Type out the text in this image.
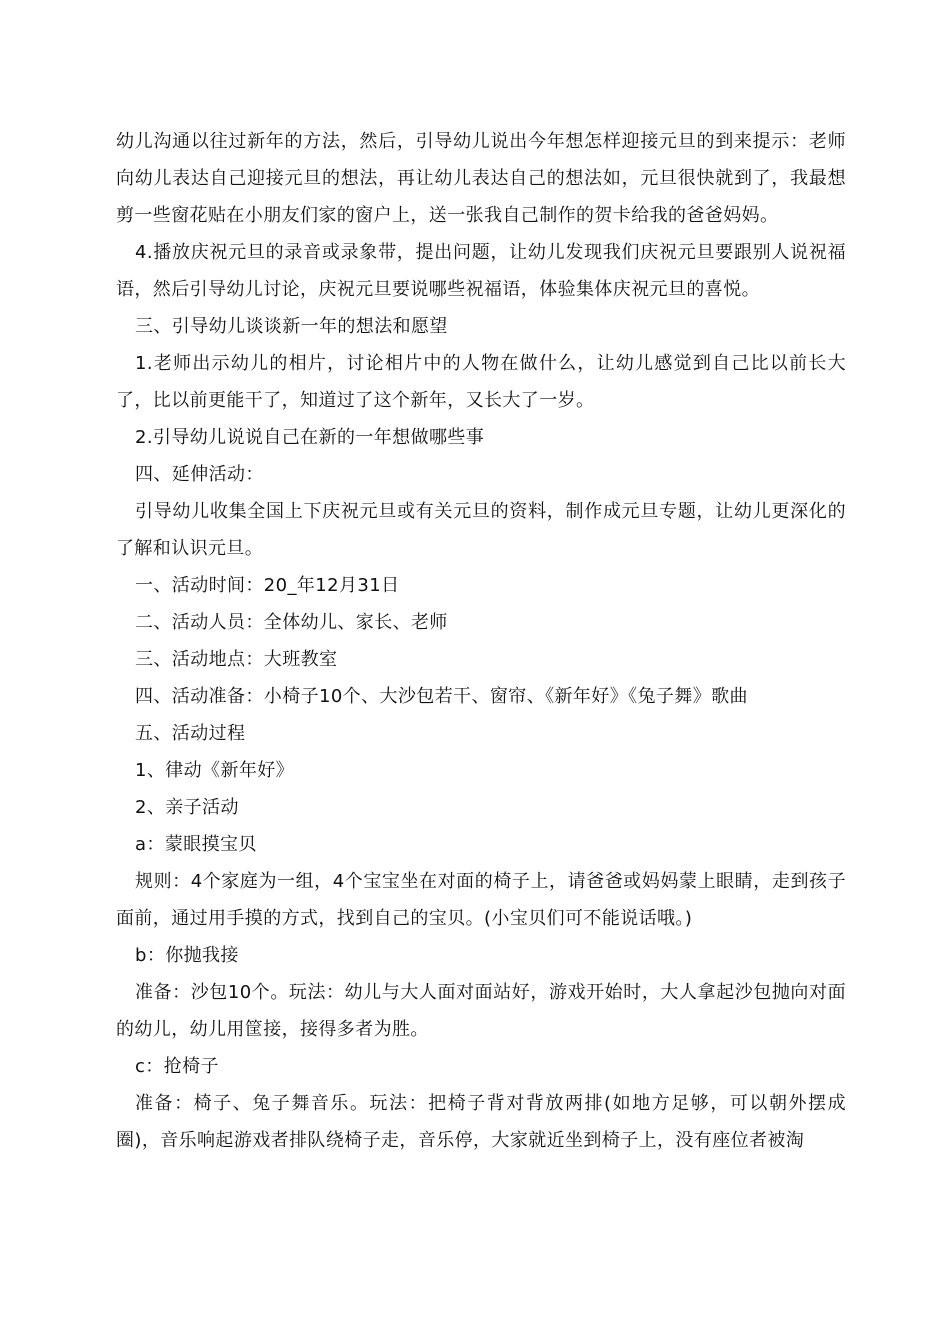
幼儿沟通以往过新年的方法，然后，引导幼儿说出今年想怎样迎接元旦的到来提示：老师向幼儿表达自己迎接元旦的想法，再让幼儿表达自己的想法如，元旦很快就到了，我最想剪一些窗花贴在小朋友们家的窗户上，送一张我自己制作的贺卡给我的爸爸妈妈。

4.播放庆祝元旦的录音或录象带，提出问题，让幼儿发现我们庆祝元旦要跟别人说祝福语，然后引导幼儿讨论，庆祝元旦要说哪些祝福语，体验集体庆祝元旦的喜悦。

三、引导幼儿谈谈新一年的想法和愿望

1.老师出示幼儿的相片，讨论相片中的人物在做什么，让幼儿感觉到自己比以前长大了，比以前更能干了，知道过了这个新年，又长大了一岁。

2.引导幼儿说说自己在新的一年想做哪些事

四、延伸活动：

引导幼儿收集全国上下庆祝元旦或有关元旦的资料，制作成元旦专题，让幼儿更深化的了解和认识元旦。

一、活动时间：20_年12月31日

二、活动人员：全体幼儿、家长、老师

三、活动地点：大班教室

四、活动准备：小椅子10个、大沙包若干、窗帘、《新年好》《兔子舞》歌曲

五、活动过程

1、律动《新年好》

2、亲子活动

a：蒙眼摸宝贝

规则：4个家庭为一组，4个宝宝坐在对面的椅子上，请爸爸或妈妈蒙上眼睛，走到孩子面前，通过用手摸的方式，找到自己的宝贝。(小宝贝们可不能说话哦。)

b：你抛我接

准备：沙包10个。玩法：幼儿与大人面对面站好，游戏开始时，大人拿起沙包抛向对面的幼儿，幼儿用筐接，接得多者为胜。

c：抢椅子

准备：椅子、兔子舞音乐。玩法：把椅子背对背放两排(如地方足够，可以朝外摆成圈)，音乐响起游戏者排队绕椅子走，音乐停，大家就近坐到椅子上，没有座位者被淘
